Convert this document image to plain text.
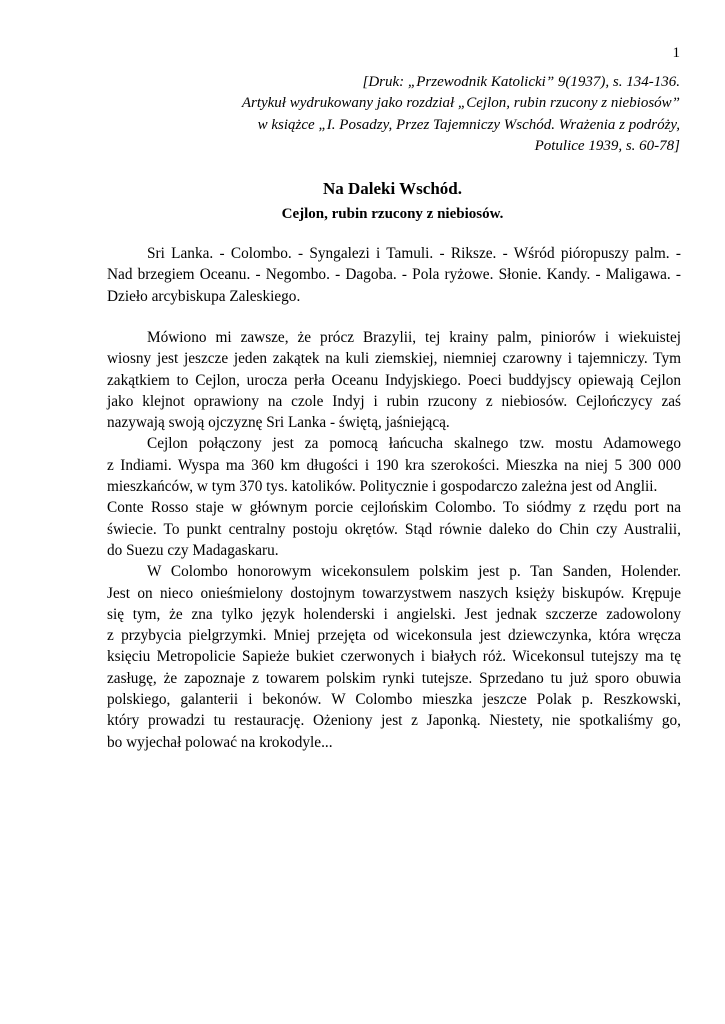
1
[Druk: „Przewodnik Katolicki” 9(1937), s. 134-136.
Artykuł wydrukowany jako rozdział „Cejlon, rubin rzucony z niebiosów”
w książce „I. Posadzy, Przez Tajemniczy Wschód. Wrażenia z podróży,
Potulice 1939, s. 60-78]
Na Daleki Wschód.
Cejlon, rubin rzucony z niebiosów.
Sri Lanka. - Colombo. - Syngalezi i Tamuli. - Riksze. - Wśród pióropuszy palm. -
Nad brzegiem Oceanu. - Negombo. - Dagoba. - Pola ryżowe. Słonie. Kandy. - Maligawa. -
Dzieło arcybiskupa Zaleskiego.
Mówiono mi zawsze, że prócz Brazylii, tej krainy palm, piniorów i wiekuistej
wiosny jest jeszcze jeden zakątek na kuli ziemskiej, niemniej czarowny i tajemniczy. Tym
zakątkiem to Cejlon, urocza perła Oceanu Indyjskiego. Poeci buddyjscy opiewają Cejlon
jako klejnot oprawiony na czole Indyj i rubin rzucony z niebiosów. Cejlończycy zaś
nazywają swoją ojczyznę Sri Lanka - świętą, jaśniejącą.
Cejlon połączony jest za pomocą łańcucha skalnego tzw. mostu Adamowego
z Indiami. Wyspa ma 360 km długości i 190 kra szerokości. Mieszka na niej 5 300 000
mieszkańców, w tym 370 tys. katolików. Politycznie i gospodarczo zależna jest od Anglii.
Conte Rosso staje w głównym porcie cejlońskim Colombo. To siódmy z rzędu port na
świecie. To punkt centralny postoju okrętów. Stąd równie daleko do Chin czy Australii,
do Suezu czy Madagaskaru.
W Colombo honorowym wicekonsulem polskim jest p. Tan Sanden, Holender.
Jest on nieco onieśmielony dostojnym towarzystwem naszych księży biskupów. Krępuje
się tym, że zna tylko język holenderski i angielski. Jest jednak szczerze zadowolony
z przybycia pielgrzymki. Mniej przejęta od wicekonsula jest dziewczynka, która wręcza
księciu Metropolicie Sapieże bukiet czerwonych i białych róż. Wicekonsul tutejszy ma tę
zasługę, że zapoznaje z towarem polskim rynki tutejsze. Sprzedano tu już sporo obuwia
polskiego, galanterii i bekonów. W Colombo mieszka jeszcze Polak p. Reszkowski,
który prowadzi tu restaurację. Ożeniony jest z Japonką. Niestety, nie spotkaliśmy go,
bo wyjechał polować na krokodyle...
